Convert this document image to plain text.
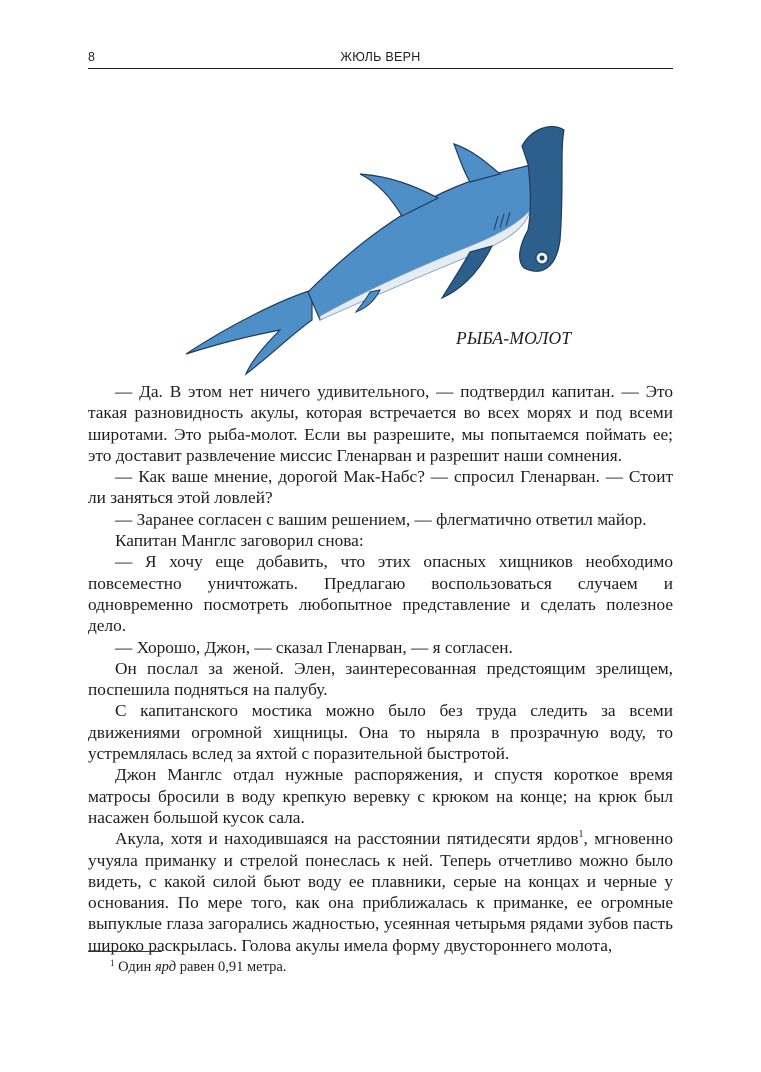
8	ЖЮЛЬ ВЕРН
РЫБА-МОЛОТ

— Да. В этом нет ничего удивительного, — подтвердил капитан. — Это такая разновидность акулы, которая встречается во всех морях и под всеми широтами. Это рыба-молот. Если вы разрешите, мы попытаемся поймать ее; это доставит развлечение миссис Гленарван и разрешит наши сомнения.

— Как ваше мнение, дорогой Мак-Набс? — спросил Гленарван. — Стоит ли заняться этой ловлей?

— Заранее согласен с вашим решением, — флегматично ответил майор.

Капитан Манглс заговорил снова:

— Я хочу еще добавить, что этих опасных хищников необходимо повсеместно уничтожать. Предлагаю воспользоваться случаем и одновременно посмотреть любопытное представление и сделать полезное дело.

— Хорошо, Джон, — сказал Гленарван, — я согласен.

Он послал за женой. Элен, заинтересованная предстоящим зрелищем, поспешила подняться на палубу.

С капитанского мостика можно было без труда следить за всеми движениями огромной хищницы. Она то ныряла в прозрачную воду, то устремлялась вслед за яхтой с поразительной быстротой.

Джон Манглс отдал нужные распоряжения, и спустя короткое время матросы бросили в воду крепкую веревку с крюком на конце; на крюк был насажен большой кусок сала.

Акула, хотя и находившаяся на расстоянии пятидесяти ярдов$^1$, мгновенно учуяла приманку и стрелой понеслась к ней. Теперь отчетливо можно было видеть, с какой силой бьют воду ее плавники, серые на концах и черные у основания. По мере того, как она приближалась к приманке, ее огромные выпуклые глаза загорались жадностью, усеянная четырьмя рядами зубов пасть широко раскрылась. Голова акулы имела форму двустороннего молота,

$^1$ Один ярд равен 0,91 метра.
